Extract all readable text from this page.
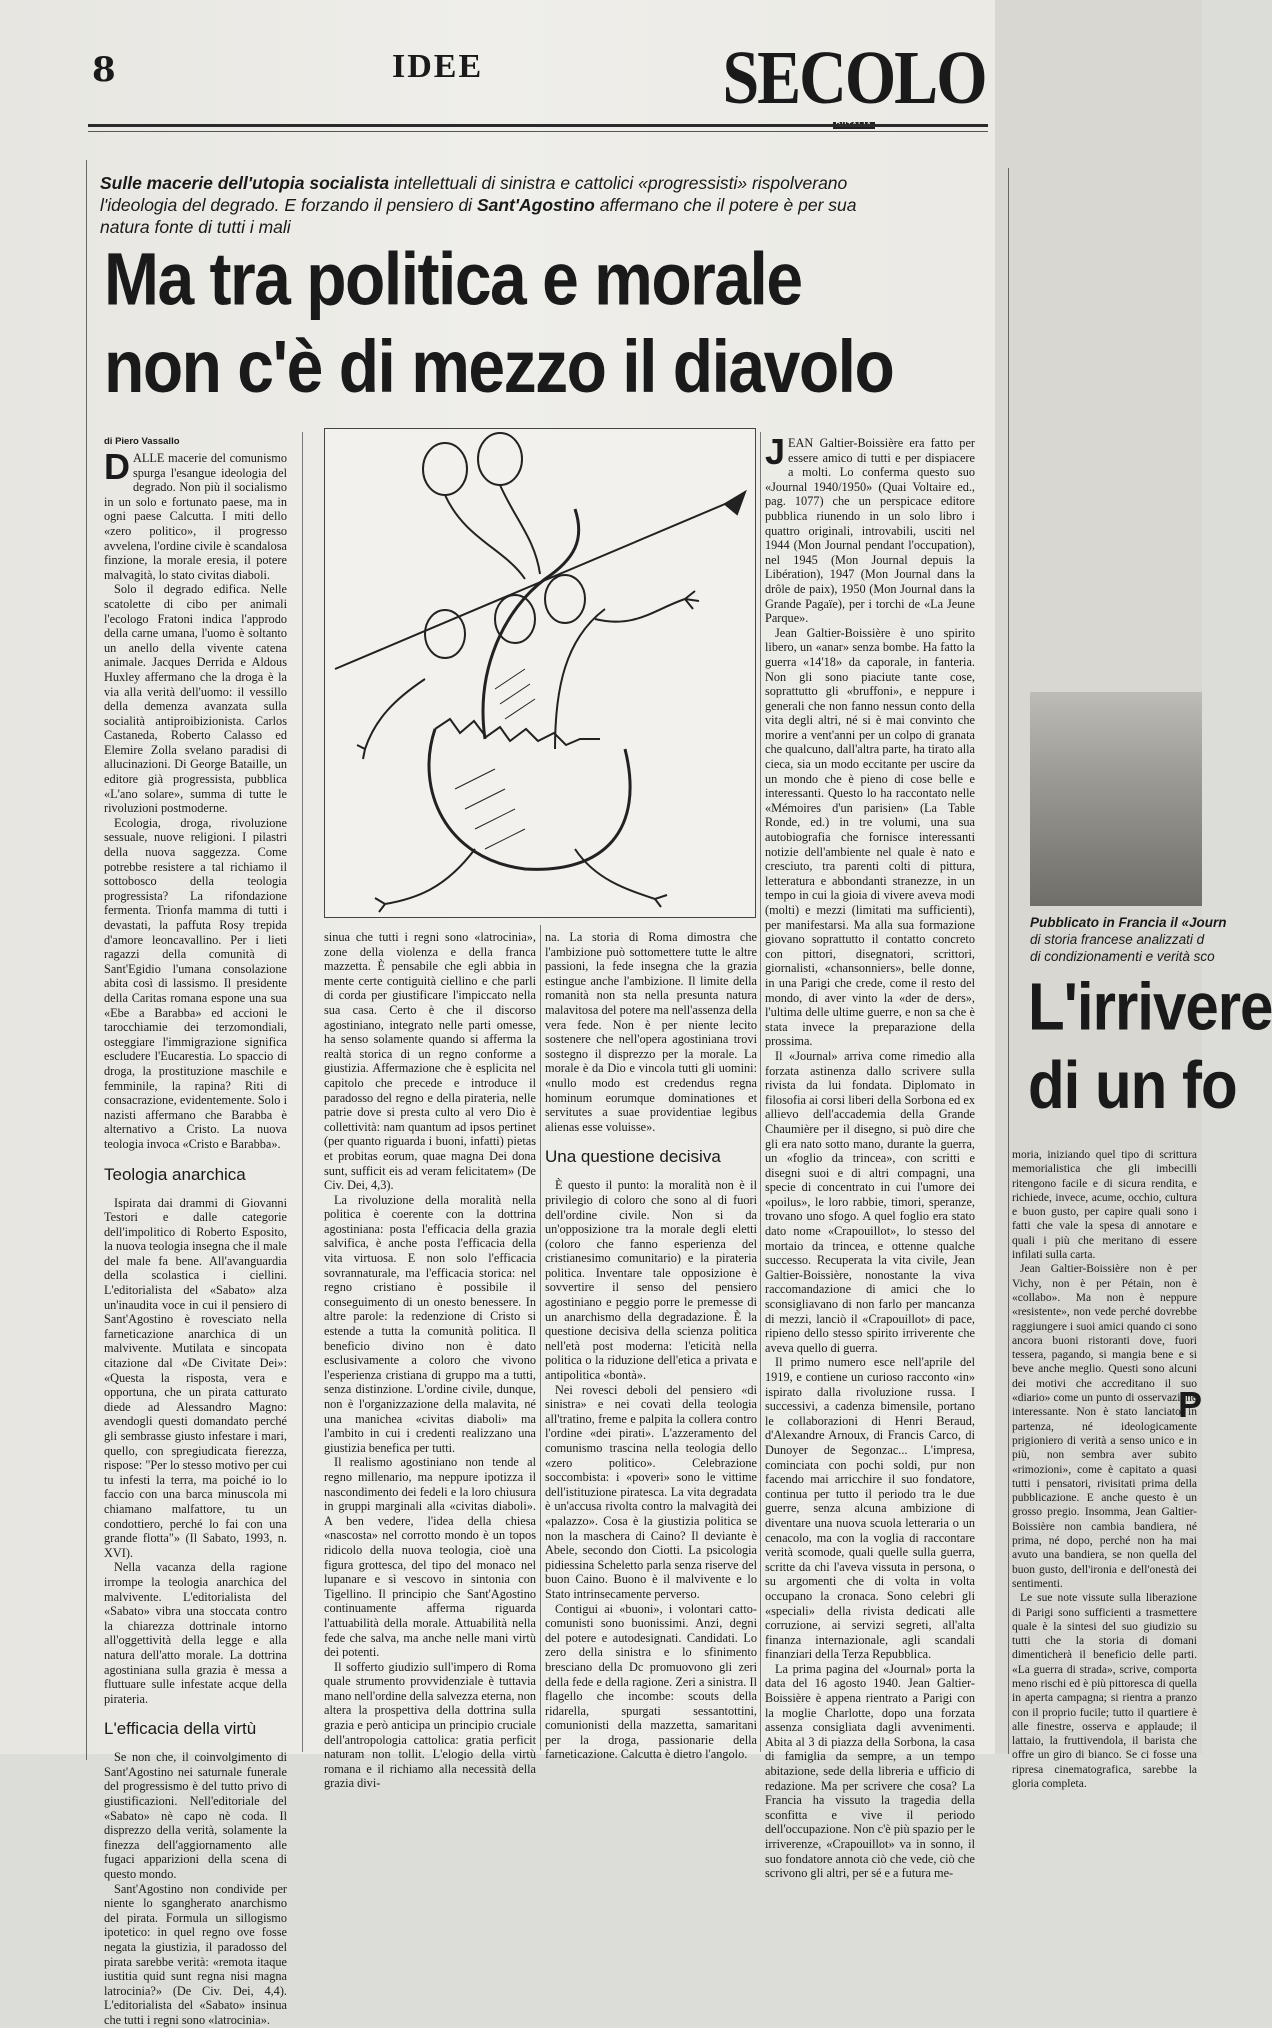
8	IDEE	SECOLO
Sulle macerie dell'utopia socialista intellettuali di sinistra e cattolici «progressisti» rispolverano l'ideologia del degrado. E forzando il pensiero di Sant'Agostino affermano che il potere è per sua natura fonte di tutti i mali
Ma tra politica e morale
non c'è di mezzo il diavolo
di Piero Vassallo
D ALLE macerie del comunismo spurga l'esangue ideologia del degrado. Non più il socialismo in un solo e fortunato paese, ma in ogni paese Calcutta. I miti dello «zero politico», il progresso avvelena, l'ordine civile è scandalosa finzione, la morale eresia, il potere malvagità, lo stato civitas diaboli.

Solo il degrado edifica. Nelle scatolette di cibo per animali l'ecologo Fratoni indica l'approdo della carne umana, l'uomo è soltanto un anello della vivente catena animale. Jacques Derrida e Aldous Huxley affermano che la droga è la via alla verità dell'uomo: il vessillo della demenza avanzata sulla socialità antiproibizionista. Carlos Castaneda, Roberto Calasso ed Elemire Zolla svelano paradisi di allucinazioni. Di George Bataille, un editore già progressista, pubblica «L'ano solare», summa di tutte le rivoluzioni postmoderne.

Ecologia, droga, rivoluzione sessuale, nuove religioni. I pilastri della nuova saggezza. Come potrebbe resistere a tal richiamo il sottobosco della teologia progressista? La rifondazione fermenta. Trionfa mamma di tutti i devastati, la paffuta Rosy trepida d'amore leoncavallino. Per i lieti ragazzi della comunità di Sant'Egidio l'umana consolazione abita così di lassismo. Il presidente della Caritas romana espone una sua «Ebe a Barabba» ed accioni le tarocchiamie dei terzomondiali, osteggiare l'immigrazione significa escludere l'Eucarestia. Lo spaccio di droga, la prostituzione maschile e femminile, la rapina? Riti di consacrazione, evidentemente. Solo i nazisti affermano che Barabba è alternativo a Cristo. La nuova teologia invoca «Cristo e Barabba».

Teologia anarchica

Ispirata dai drammi di Giovanni Testori e dalle categorie dell'impolitico di Roberto Esposito, la nuova teologia insegna che il male del male fa bene. All'avanguardia della scolastica i ciellini. L'editorialista del «Sabato» alza un'inaudita voce in cui il pensiero di Sant'Agostino è rovesciato nella farneticazione anarchica di un malvivente. Mutilata e sincopata citazione dal «De Civitate Dei»: «Questa la risposta, vera e opportuna, che un pirata catturato diede ad Alessandro Magno: avendogli questi domandato perché gli sembrasse giusto infestare i mari, quello, con spregiudicata fierezza, rispose: "Per lo stesso motivo per cui tu infesti la terra, ma poiché io lo faccio con una barca minuscola mi chiamano malfattore, tu un condottiero, perché lo fai con una grande flotta"» (Il Sabato, 1993, n. XVI).

Nella vacanza della ragione irrompe la teologia anarchica del malvivente. L'editorialista del «Sabato» vibra una stoccata contro la chiarezza dottrinale intorno all'oggettività della legge e alla natura dell'atto morale. La dottrina agostiniana sulla grazia è messa a fluttuare sulle infestate acque della pirateria.

L'efficacia della virtù

Se non che, il coinvolgimento di Sant'Agostino nei saturnale funerale del progressismo è del tutto privo di giustificazioni. Nell'editoriale del «Sabato» nè capo nè coda. Il disprezzo della verità, solamente la finezza dell'aggiornamento alle fugaci apparizioni della scena di questo mondo.

Sant'Agostino non condivide per niente lo sgangherato anarchismo del pirata. Formula un sillogismo ipotetico: in quel regno ove fosse negata la giustizia, il paradosso del pirata sarebbe verità: «remota itaque iustitia quid sunt regna nisi magna latrocinia?» (De Civ. Dei, 4,4). L'editorialista del «Sabato» insinua che tutti i regni sono «latrocinia».

sinua che tutti i regni sono «latrocinia», zone della violenza e della franca mazzetta. È pensabile che egli abbia in mente certe contiguità ciellino e che parli di corda per giustificare l'impiccato nella sua casa. Certo è che il discorso agostiniano, integrato nelle parti omesse, ha senso solamente quando si afferma la realtà storica di un regno conforme a giustizia. Affermazione che è esplicita nel capitolo che precede e introduce il paradosso del regno e della pirateria, nelle patrie dove si presta culto al vero Dio è collettività: nam quantum ad ipsos pertinet (per quanto riguarda i buoni, infatti) pietas et probitas eorum, quae magna Dei dona sunt, sufficit eis ad veram felicitatem» (De Civ. Dei, 4,3).

La rivoluzione della moralità nella politica è coerente con la dottrina agostiniana: posta l'efficacia della grazia salvifica, è anche posta l'efficacia della vita virtuosa. E non solo l'efficacia sovrannaturale, ma l'efficacia storica: nel regno cristiano è possibile il conseguimento di un onesto benessere. In altre parole: la redenzione di Cristo si estende a tutta la comunità politica. Il beneficio divino non è dato esclusivamente a coloro che vivono l'esperienza cristiana di gruppo ma a tutti, senza distinzione. L'ordine civile, dunque, non è l'organizzazione della malavita, né una manichea «civitas diaboli» ma l'ambito in cui i credenti realizzano una giustizia benefica per tutti.

Il realismo agostiniano non tende al regno millenario, ma neppure ipotizza il nascondimento dei fedeli e la loro chiusura in gruppi marginali alla «civitas diaboli». A ben vedere, l'idea della chiesa «nascosta» nel corrotto mondo è un topos ridicolo della nuova teologia, cioè una figura grottesca, del tipo del monaco nel lupanare e sì vescovo in sintonia con Tigellino. Il principio che Sant'Agostino continuamente afferma riguarda l'attuabilità della morale. Attuabilità nella fede che salva, ma anche nelle mani virtù dei potenti.

Il sofferto giudizio sull'impero di Roma quale strumento provvidenziale è tuttavia mano nell'ordine della salvezza eterna, non altera la prospettiva della dottrina sulla grazia e però anticipa un principio cruciale dell'antropologia cattolica: gratia perficit naturam non tollit. L'elogio della virtù romana e il richiamo alla necessità della grazia divi-

na. La storia di Roma dimostra che l'ambizione può sottomettere tutte le altre passioni, la fede insegna che la grazia estingue anche l'ambizione. Il limite della romanità non sta nella presunta natura malavitosa del potere ma nell'assenza della vera fede. Non è per niente lecito sostenere che nell'opera agostiniana trovi sostegno il disprezzo per la morale. La morale è da Dio e vincola tutti gli uomini: «nullo modo est credendus regna hominum eorumque dominationes et servitutes a suae providentiae legibus alienas esse voluisse».

Una questione decisiva

È questo il punto: la moralità non è il privilegio di coloro che sono al di fuori dell'ordine civile. Non si da un'opposizione tra la morale degli eletti (coloro che fanno esperienza del cristianesimo comunitario) e la pirateria politica. Inventare tale opposizione è sovvertire il senso del pensiero agostiniano e peggio porre le premesse di un anarchismo della degradazione. È la questione decisiva della scienza politica nell'età post moderna: l'eticità nella politica o la riduzione dell'etica a privata e antipolitica «bontà».

Nei rovesci deboli del pensiero «di sinistra» e nei covatì della teologia all'tratino, freme e palpita la collera contro l'ordine «dei pirati». L'azzeramento del comunismo trascina nella teologia dello «zero politico». Celebrazione soccombista: i «poveri» sono le vittime dell'istituzione piratesca. La vita degradata è un'accusa rivolta contro la malvagità dei «palazzo». Cosa è la giustizia politica se non la maschera di Caino? Il deviante è Abele, secondo don Ciotti. La psicologia pidiessina Scheletto parla senza riserve del buon Caino. Buono è il malvivente e lo Stato intrinsecamente perverso.

Contigui ai «buoni», i volontari catto-comunisti sono buonissimi. Anzi, degni del potere e autodesignati. Candidati. Lo zero della sinistra e lo sfinimento bresciano della Dc promuovono gli zeri della fede e della ragione. Zeri a sinistra. Il flagello che incombe: scouts della ridarella, spurgati sessantottini, comunionisti della mazzetta, samaritani per la droga, passionarie della farneticazione. Calcutta è dietro l'angolo.

J EAN Galtier-Boissière era fatto per essere amico di tutti e per dispiacere a molti. Lo conferma questo suo «Journal 1940/1950» (Quai Voltaire ed., pag. 1077) che un perspicace editore pubblica riunendo in un solo libro i quattro originali, introvabili, usciti nel 1944 (Mon Journal pendant l'occupation), nel 1945 (Mon Journal depuis la Libération), 1947 (Mon Journal dans la drôle de paix), 1950 (Mon Journal dans la Grande Pagaïe), per i torchi de «La Jeune Parque».

Jean Galtier-Boissière è uno spirito libero, un «anar» senza bombe. Ha fatto la guerra «14'18» da caporale, in fanteria. Non gli sono piaciute tante cose, soprattutto gli «bruffoni», e neppure i generali che non fanno nessun conto della vita degli altri, né si è mai convinto che morire a vent'anni per un colpo di granata che qualcuno, dall'altra parte, ha tirato alla cieca, sia un modo eccitante per uscire da un mondo che è pieno di cose belle e interessanti. Questo lo ha raccontato nelle «Mémoires d'un parisien» (La Table Ronde, ed.) in tre volumi, una sua autobiografia che fornisce interessanti notizie dell'ambiente nel quale è nato e cresciuto, tra parenti colti di pittura, letteratura e abbondanti stranezze, in un tempo in cui la gioia di vivere aveva modi (molti) e mezzi (limitati ma sufficienti), per manifestarsi. Ma alla sua formazione giovano soprattutto il contatto concreto con pittori, disegnatori, scrittori, giornalisti, «chansonniers», belle donne, in una Parigi che crede, come il resto del mondo, di aver vinto la «der de ders», l'ultima delle ultime guerre, e non sa che è stata invece la preparazione della prossima.

Il «Journal» arriva come rimedio alla forzata astinenza dallo scrivere sulla rivista da lui fondata. Diplomato in filosofia ai corsi liberi della Sorbona ed ex allievo dell'accademia della Grande Chaumière per il disegno, si può dire che gli era nato sotto mano, durante la guerra, un «foglio da trincea», con scritti e disegni suoi e di altri compagni, una specie di concentrato in cui l'umore dei «poilus», le loro rabbie, timori, speranze, trovano uno sfogo. A quel foglio era stato dato nome «Crapouillot», lo stesso del mortaio da trincea, e ottenne qualche successo. Recuperata la vita civile, Jean Galtier-Boissière, nonostante la viva raccomandazione di amici che lo sconsigliavano di non farlo per mancanza di mezzi, lanciò il «Crapouillot» di pace, ripieno dello stesso spirito irriverente che aveva quello di guerra.

Il primo numero esce nell'aprile del 1919, e contiene un curioso racconto «in» ispirato dalla rivoluzione russa. I successivi, a cadenza bimensile, portano le collaborazioni di Henri Beraud, d'Alexandre Arnoux, di Francis Carco, di Dunoyer de Segonzac... L'impresa, cominciata con pochi soldi, pur non facendo mai arricchire il suo fondatore, continua per tutto il periodo tra le due guerre, senza alcuna ambizione di diventare una nuova scuola letteraria o un cenacolo, ma con la voglia di raccontare verità scomode, quali quelle sulla guerra, scritte da chi l'aveva vissuta in persona, o su argomenti che di volta in volta occupano la cronaca. Sono celebri gli «speciali» della rivista dedicati alle corruzione, ai servizi segreti, all'alta finanza internazionale, agli scandali finanziari della Terza Repubblica.

La prima pagina del «Journal» porta la data del 16 agosto 1940. Jean Galtier-Boissière è appena rientrato a Parigi con la moglie Charlotte, dopo una forzata assenza consigliata dagli avvenimenti. Abita al 3 di piazza della Sorbona, la casa di famiglia da sempre, a un tempo abitazione, sede della libreria e ufficio di redazione. Ma per scrivere che cosa? La Francia ha vissuto la tragedia della sconfitta e vive il periodo dell'occupazione. Non c'è più spazio per le irriverenze, «Crapouillot» va in sonno, il suo fondatore annota ciò che vede, ciò che scrivono gli altri, per sé e a futura me-

Pubblicato in Francia il «Journ
di storia francese analizzati d
di condizionamenti e verità sco
L'irrivere
di un fo

moria, iniziando quel tipo di scrittura memorialistica che gli imbecilli ritengono facile e di sicura rendita, e richiede, invece, acume, occhio, cultura e buon gusto, per capire quali sono i fatti che vale la spesa di annotare e quali i più che meritano di essere infilati sulla carta.

Jean Galtier-Boissière non è per Vichy, non è per Pétain, non è «collabo». Ma non è neppure «resistente», non vede perché dovrebbe raggiungere i suoi amici quando ci sono ancora buoni ristoranti dove, fuori tessera, pagando, si mangia bene e si beve anche meglio. Questi sono alcuni dei motivi che accreditano il suo «diario» come un punto di osservazione interessante. Non è stato lanciato in partenza, né ideologicamente prigioniero di verità a senso unico e in più, non sembra aver subito «rimozioni», come è capitato a quasi tutti i pensatori, rivisitati prima della pubblicazione. E anche questo è un grosso pregio. Insomma, Jean Galtier-Boissière non cambia bandiera, né prima, né dopo, perché non ha mai avuto una bandiera, se non quella del buon gusto, dell'ironia e dell'onestà dei sentimenti.

Le sue note vissute sulla liberazione di Parigi sono sufficienti a trasmettere quale è la sintesi del suo giudizio su tutti che la storia di domani dimenticherà il beneficio delle parti. «La guerra di strada», scrive, comporta meno rischi ed è più pittoresca di quella in aperta campagna; si rientra a pranzo con il proprio fucile; tutto il quartiere è alle finestre, osserva e applaude; il lattaio, la fruttivendola, il barista che offre un giro di bianco. Se ci fosse una ripresa cinematografica, sarebbe la gloria completa.

P
